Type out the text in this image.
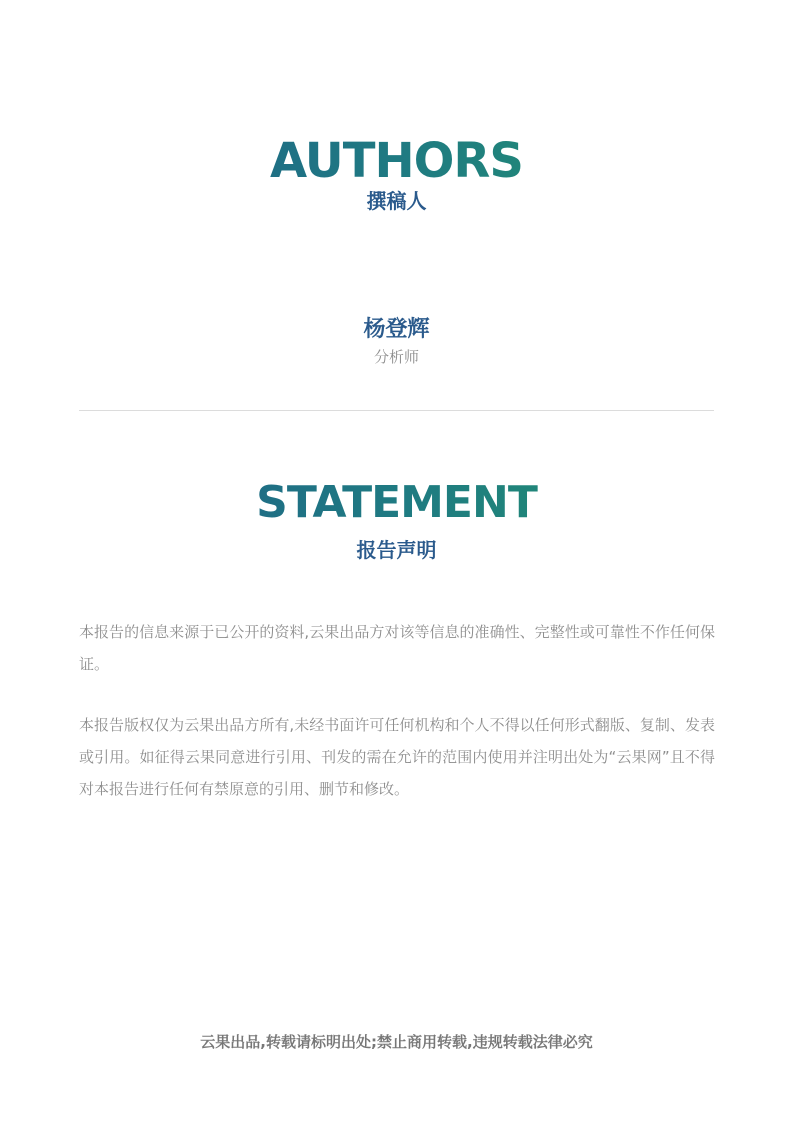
AUTHORS
撰稿人
杨登辉
分析师
STATEMENT
报告声明

本报告的信息来源于已公开的资料,云果出品方对该等信息的准确性、完整性或可靠性不作任何保证。

本报告版权仅为云果出品方所有,未经书面许可任何机构和个人不得以任何形式翻版、复制、发表或引用。如征得云果同意进行引用、刊发的需在允许的范围内使用并注明出处为“云果网”且不得对本报告进行任何有禁原意的引用、删节和修改。

云果出品,转载请标明出处;禁止商用转载,违规转载法律必究
